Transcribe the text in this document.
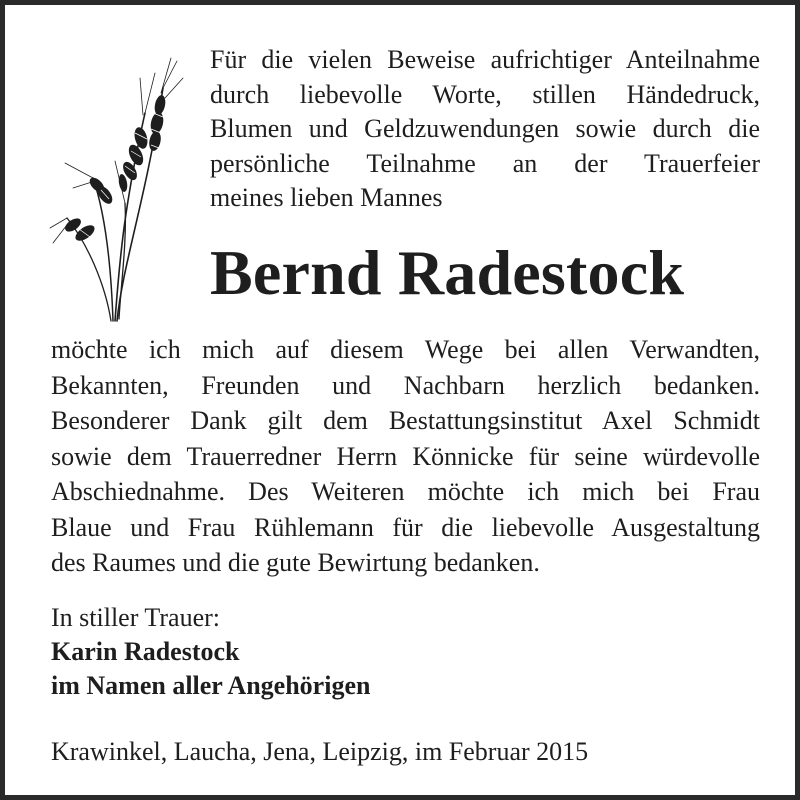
Für die vielen Beweise aufrichtiger Anteilnahme
durch liebevolle Worte, stillen Händedruck,
Blumen und Geldzuwendungen sowie durch die
persönliche Teilnahme an der Trauerfeier
meines lieben Mannes
Bernd Radestock
möchte ich mich auf diesem Wege bei allen Verwandten,
Bekannten, Freunden und Nachbarn herzlich bedanken.
Besonderer Dank gilt dem Bestattungsinstitut Axel Schmidt
sowie dem Trauerredner Herrn Könnicke für seine würdevolle
Abschiednahme. Des Weiteren möchte ich mich bei Frau
Blaue und Frau Rühlemann für die liebevolle Ausgestaltung
des Raumes und die gute Bewirtung bedanken.
In stiller Trauer:
Karin Radestock
im Namen aller Angehörigen
Krawinkel, Laucha, Jena, Leipzig, im Februar 2015
